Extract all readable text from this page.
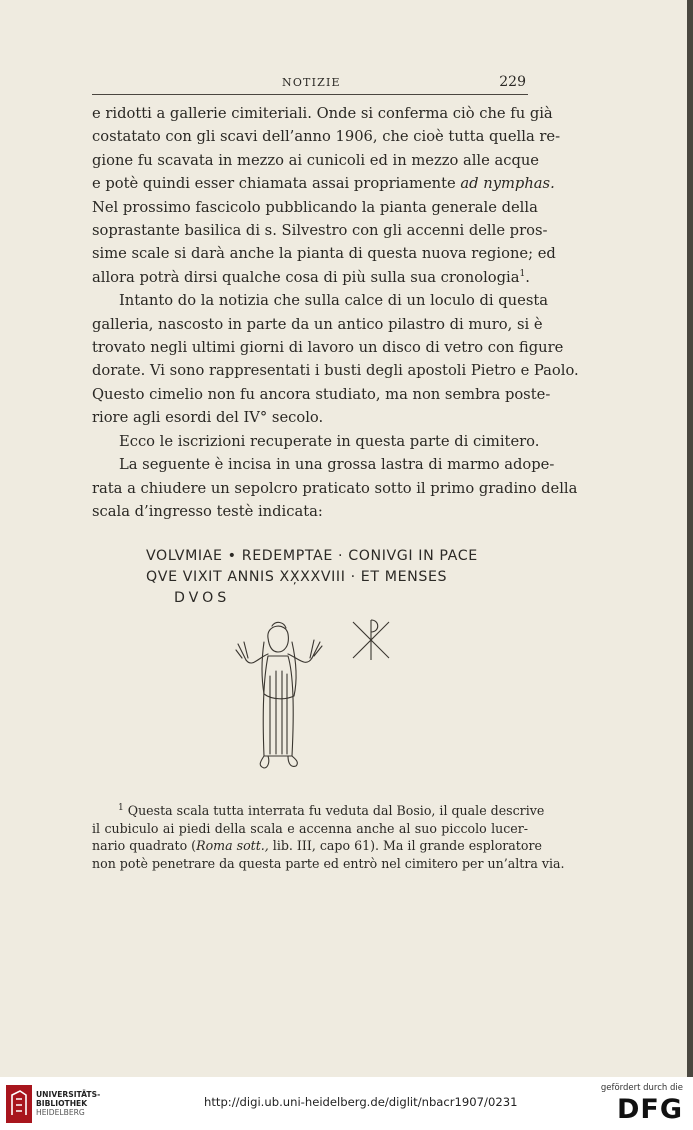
NOTIZIE	229

e ridotti a gallerie cimiteriali. Onde si conferma ciò che fu già
costatato con gli scavi dell’anno 1906, che cioè tutta quella re-
gione fu scavata in mezzo ai cunicoli ed in mezzo alle acque
e potè quindi esser chiamata assai propriamente ad nymphas.
Nel prossimo fascicolo pubblicando la pianta generale della
soprastante basilica di s. Silvestro con gli accenni delle pros-
sime scale si darà anche la pianta di questa nuova regione; ed
allora potrà dirsi qualche cosa di più sulla sua cronologia$^1$.

Intanto do la notizia che sulla calce di un loculo di questa
galleria, nascosto in parte da un antico pilastro di muro, si è
trovato negli ultimi giorni di lavoro un disco di vetro con figure
dorate. Vi sono rappresentati i busti degli apostoli Pietro e Paolo.
Questo cimelio non fu ancora studiato, ma non sembra poste-
riore agli esordi del IV° secolo.

Ecco le iscrizioni recuperate in questa parte di cimitero.

La seguente è incisa in una grossa lastra di marmo adope-
rata a chiudere un sepolcro praticato sotto il primo gradino della
scala d’ingresso testè indicata:

VOLVMIAE • REDEMPTAE · CONIVGI IN PACE
QVE VIXIT ANNIS XX̦XXVIII · ET MENSES
DVOS
$^1$ Questa scala tutta interrata fu veduta dal Bosio, il quale descrive
il cubiculo ai piedi della scala e accenna anche al suo piccolo lucer-
nario quadrato (Roma sott., lib. III, capo 61). Ma il grande esploratore
non potè penetrare da questa parte ed entrò nel cimitero per un’altra via.
UNIVERSITÄTS-
BIBLIOTHEK
HEIDELBERG
http://digi.ub.uni-heidelberg.de/diglit/nbacr1907/0231
gefördert durch die
DFG
